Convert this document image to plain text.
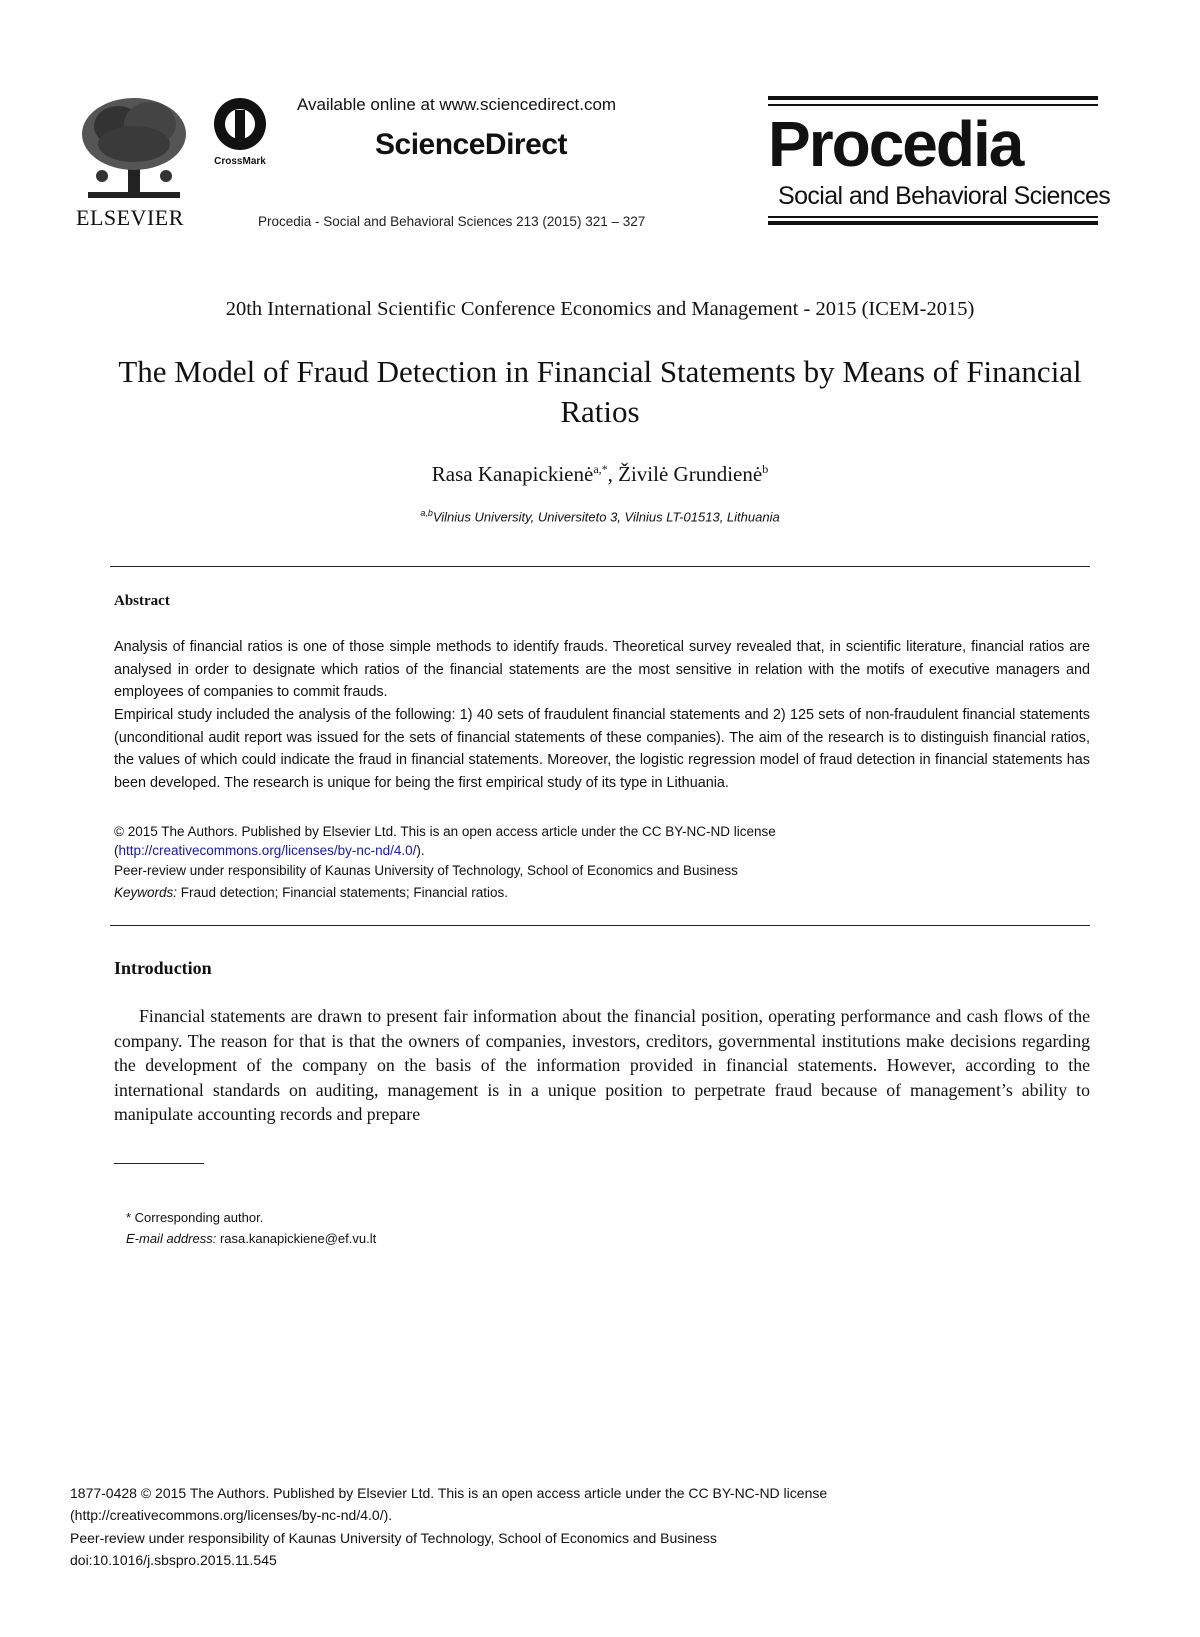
ELSEVIER
CrossMark
Available online at www.sciencedirect.com
ScienceDirect
Procedia - Social and Behavioral Sciences 213 (2015) 321 – 327
Procedia
Social and Behavioral Sciences
20th International Scientific Conference Economics and Management - 2015 (ICEM-2015)
The Model of Fraud Detection in Financial Statements by Means of Financial Ratios
Rasa Kanapickienė$^{a,*}$, Živilė Grundienė$^b$
$^{a,b}$Vilnius University, Universiteto 3, Vilnius LT-01513, Lithuania
Abstract
Analysis of financial ratios is one of those simple methods to identify frauds. Theoretical survey revealed that, in scientific literature, financial ratios are analysed in order to designate which ratios of the financial statements are the most sensitive in relation with the motifs of executive managers and employees of companies to commit frauds.
Empirical study included the analysis of the following: 1) 40 sets of fraudulent financial statements and 2) 125 sets of non-fraudulent financial statements (unconditional audit report was issued for the sets of financial statements of these companies). The aim of the research is to distinguish financial ratios, the values of which could indicate the fraud in financial statements. Moreover, the logistic regression model of fraud detection in financial statements has been developed. The research is unique for being the first empirical study of its type in Lithuania.
© 2015 The Authors. Published by Elsevier Ltd. This is an open access article under the CC BY-NC-ND license
(http://creativecommons.org/licenses/by-nc-nd/4.0/).
Peer-review under responsibility of Kaunas University of Technology, School of Economics and Business
Keywords: Fraud detection; Financial statements; Financial ratios.
Introduction
Financial statements are drawn to present fair information about the financial position, operating performance and cash flows of the company. The reason for that is that the owners of companies, investors, creditors, governmental institutions make decisions regarding the development of the company on the basis of the information provided in financial statements. However, according to the international standards on auditing, management is in a unique position to perpetrate fraud because of management’s ability to manipulate accounting records and prepare
* Corresponding author.
E-mail address: rasa.kanapickiene@ef.vu.lt
1877-0428 © 2015 The Authors. Published by Elsevier Ltd. This is an open access article under the CC BY-NC-ND license
(http://creativecommons.org/licenses/by-nc-nd/4.0/).
Peer-review under responsibility of Kaunas University of Technology, School of Economics and Business
doi:10.1016/j.sbspro.2015.11.545
